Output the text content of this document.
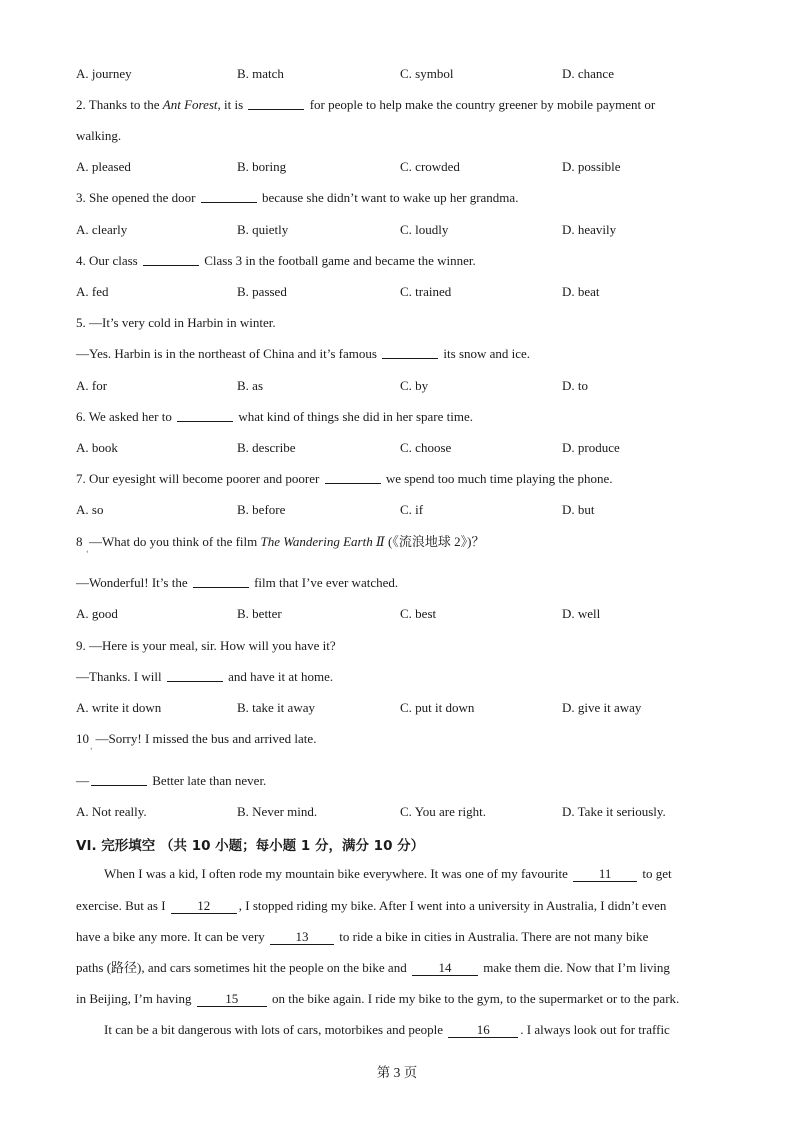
A. journey	B. match	C. symbol	D. chance
2. Thanks to the Ant Forest, it is	for people to help make the country greener by mobile payment or
walking.
A. pleased	B. boring	C. crowded	D. possible
3. She opened the door	because she didn’t want to wake up her grandma.
A. clearly	B. quietly	C. loudly	D. heavily
4. Our class	Class 3 in the football game and became the winner.
A. fed	B. passed	C. trained	D. beat
5. —It’s very cold in Harbin in winter.
—Yes. Harbin is in the northeast of China and it’s famous	its snow and ice.
A. for	B. as	C. by	D. to
6. We asked her to	what kind of things she did in her spare time.
A. book	B. describe	C. choose	D. produce
7. Our eyesight will become poorer and poorer	we spend too much time playing the phone.
A. so	B. before	C. if	D. but
8 —What do you think of the film The Wandering Earth Ⅱ (《流浪地球 2》)？
ʻ
—Wonderful! It’s the	film that I’ve ever watched.
A. good	B. better	C. best	D. well
9. —Here is your meal, sir. How will you have it?
—Thanks. I will	and have it at home.
A. write it down	B. take it away	C. put it down	D. give it away
10 —Sorry! I missed the bus and arrived late.
ʻ
—	Better late than never.
A. Not really.	B. Never mind.	C. You are right.	D. Take it seriously.
VI. 完形填空 （共 10 小题；每小题 1 分，满分 10 分）
When I was a kid, I often rode my mountain bike everywhere. It was one of my favourite 11 to get
exercise. But as I 12 , I stopped riding my bike. After I went into a university in Australia, I didn’t even
have a bike any more. It can be very 13 to ride a bike in cities in Australia. There are not many bike
paths (路径), and cars sometimes hit the people on the bike and 14 make them die. Now that I’m living
in Beijing, I’m having	15	on the bike again. I ride my bike to the gym, to the supermarket or to the park.
It can be a bit dangerous with lots of cars, motorbikes and people	16 . I always look out for traffic
第 3 页
